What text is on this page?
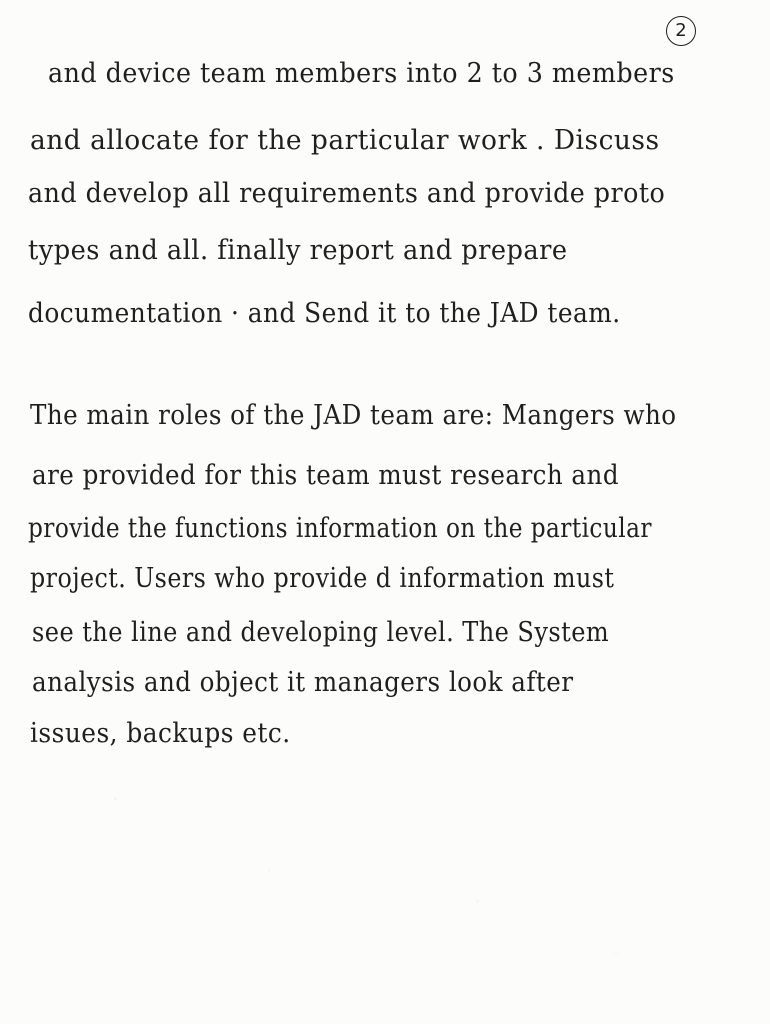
2
and device team members into 2 to 3 members
and allocate for the particular work . Discuss
and develop all requirements and provide proto
types and all. finally report and prepare
documentation · and Send it to the JAD team.
The main roles of the JAD team are: Mangers who
are provided for this team must research and
provide the functions information on the particular
project. Users who provide d information must
see the line and developing level. The System
analysis and object it managers look after
issues, backups etc.
